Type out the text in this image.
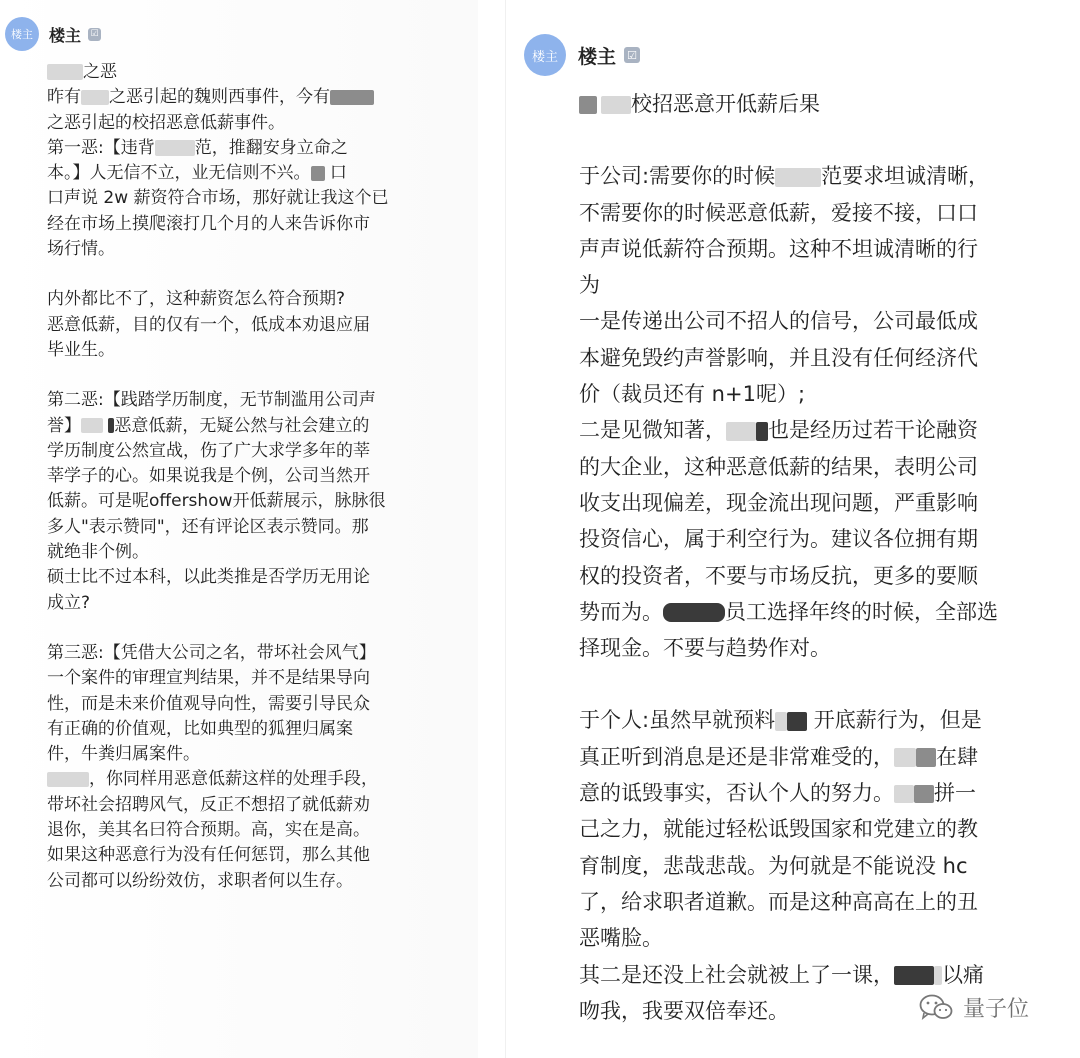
楼主	楼主 ☑

之恶

昨有 之恶引起的魏则西事件，今有

之恶引起的校招恶意低薪事件。

第一恶:【违背 范，推翻安身立命之

本。】人无信不立，业无信则不兴。 口

口声说 2w 薪资符合市场，那好就让我这个已

经在市场上摸爬滚打几个月的人来告诉你市

场行情。

内外都比不了，这种薪资怎么符合预期?

恶意低薪，目的仅有一个，低成本劝退应届

毕业生。

第二恶:【践踏学历制度，无节制滥用公司声

誉】 恶意低薪，无疑公然与社会建立的

学历制度公然宣战，伤了广大求学多年的莘

莘学子的心。如果说我是个例，公司当然开

低薪。可是呢offershow开低薪展示，脉脉很

多人"表示赞同"，还有评论区表示赞同。那

就绝非个例。

硕士比不过本科，以此类推是否学历无用论

成立?

第三恶:【凭借大公司之名，带坏社会风气】

一个案件的审理宣判结果，并不是结果导向

性，而是未来价值观导向性，需要引导民众

有正确的价值观，比如典型的狐狸归属案

件，牛粪归属案件。

，你同样用恶意低薪这样的处理手段，

带坏社会招聘风气，反正不想招了就低薪劝

退你，美其名曰符合预期。高，实在是高。

如果这种恶意行为没有任何惩罚，那么其他

公司都可以纷纷效仿，求职者何以生存。

楼主	楼主 ☑

校招恶意开低薪后果

于公司:需要你的时候 范要求坦诚清晰，

不需要你的时候恶意低薪，爱接不接，口口

声声说低薪符合预期。这种不坦诚清晰的行

为

一是传递出公司不招人的信号，公司最低成

本避免毁约声誉影响，并且没有任何经济代

价（裁员还有 n+1呢）;

二是见微知著， 也是经历过若干论融资

的大企业，这种恶意低薪的结果，表明公司

收支出现偏差，现金流出现问题，严重影响

投资信心，属于利空行为。建议各位拥有期

权的投资者，不要与市场反抗，更多的要顺

势而为。	员工选择年终的时候，全部选

择现金。不要与趋势作对。

于个人:虽然早就预料 开底薪行为，但是

真正听到消息是还是非常难受的， 在肆

意的诋毁事实，否认个人的努力。 拼一

己之力，就能过轻松诋毁国家和党建立的教

育制度，悲哉悲哉。为何就是不能说没 hc

了，给求职者道歉。而是这种高高在上的丑

恶嘴脸。

其二是还没上社会就被上了一课， 以痛

吻我，我要双倍奉还。	量子位
